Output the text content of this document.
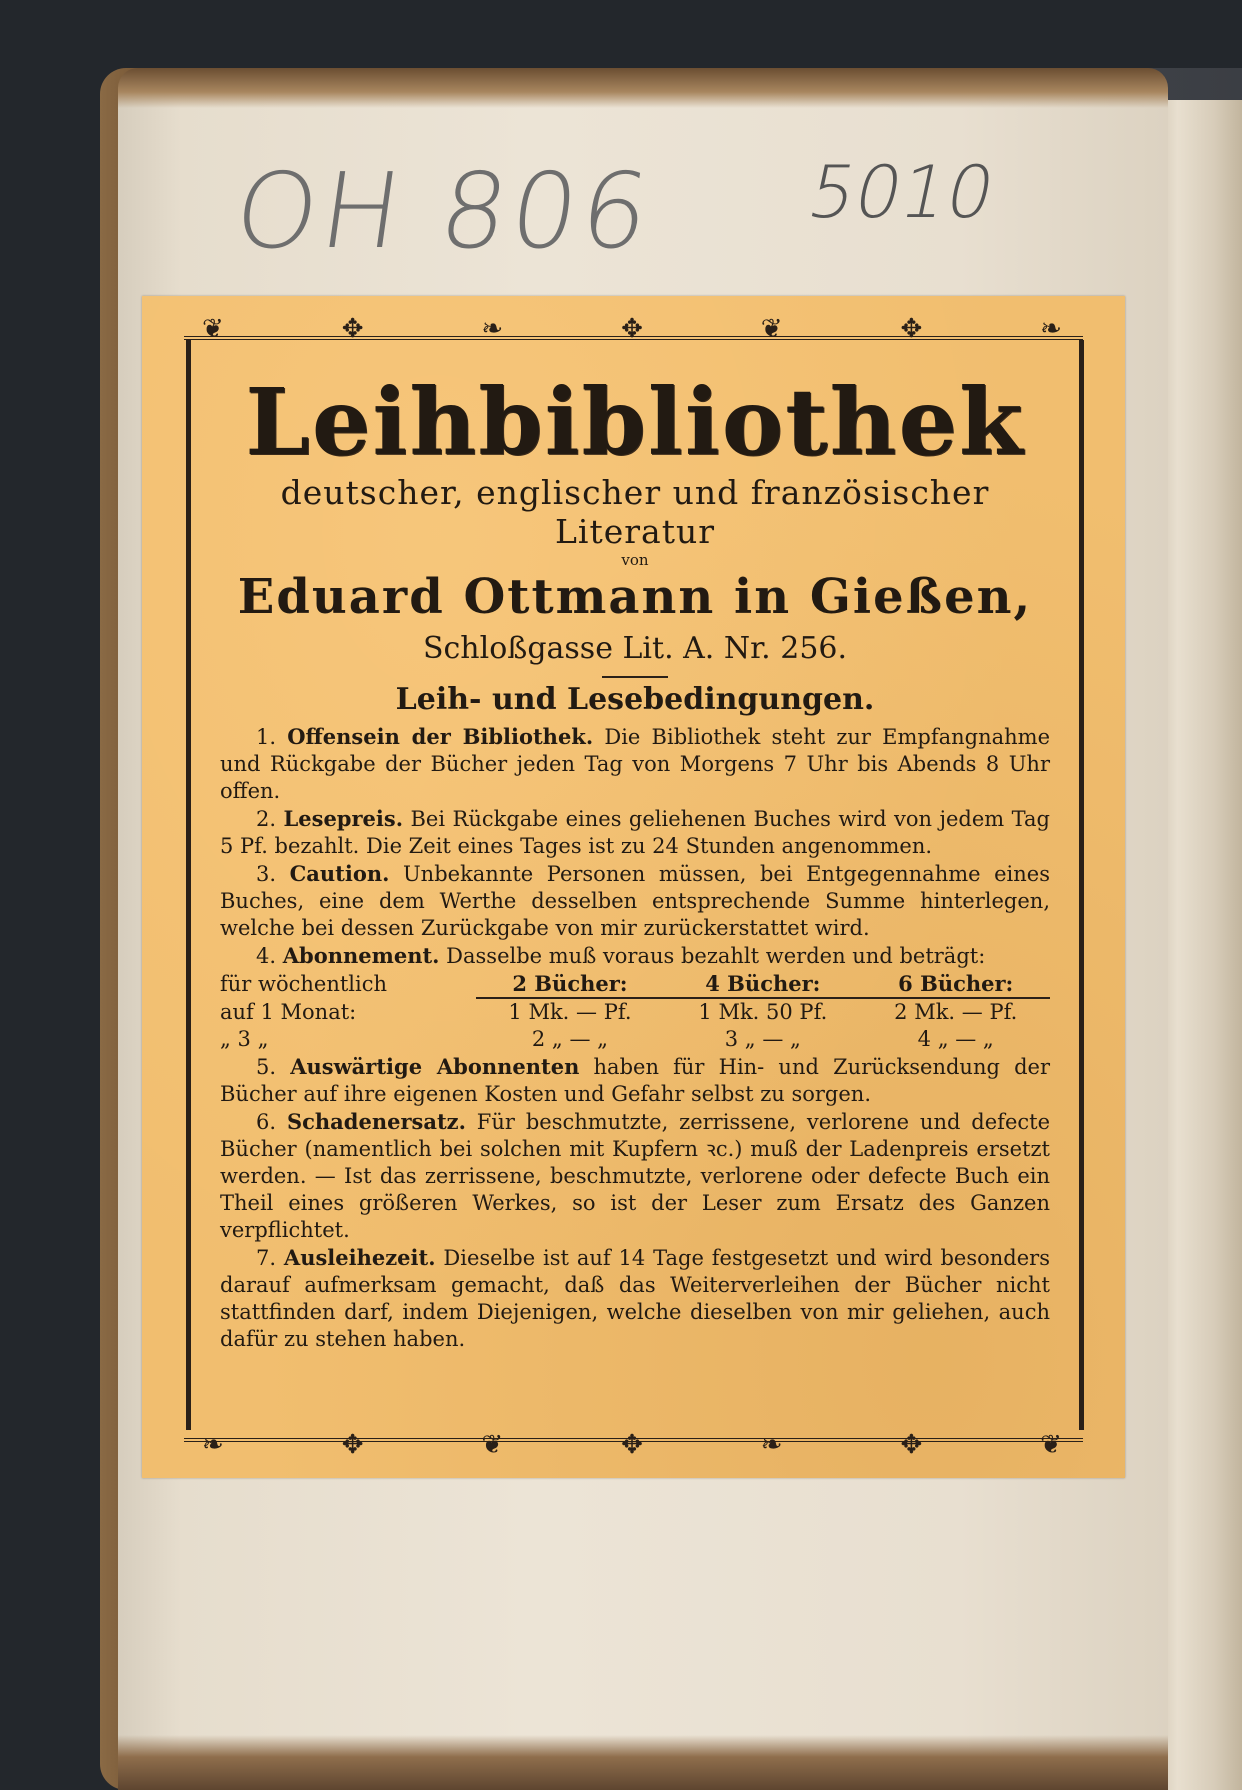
OH 806 5010
❦	✥	❧	✥	❦	✥	❧
❧	✥	❦	✥	❧	✥	❦
Leihbibliothek
deutscher, englischer und französischer Literatur
von
Eduard Ottmann in Gießen,
Schloßgasse Lit. A. Nr. 256.
Leih- und Lesebedingungen.

1. Offensein der Bibliothek. Die Bibliothek steht zur Empfangnahme und Rückgabe der Bücher jeden Tag von Morgens 7 Uhr bis Abends 8 Uhr offen.

2. Lesepreis. Bei Rückgabe eines geliehenen Buches wird von jedem Tag 5 Pf. bezahlt. Die Zeit eines Tages ist zu 24 Stunden angenommen.

3. Caution. Unbekannte Personen müssen, bei Entgegennahme eines Buches, eine dem Werthe desselben entsprechende Summe hinterlegen, welche bei dessen Zurückgabe von mir zurückerstattet wird.

4. Abonnement. Dasselbe muß voraus bezahlt werden und beträgt:

für wöchentlich	2 Bücher:	4 Bücher:	6 Bücher:
auf 1 Monat:	1 Mk. — Pf.	1 Mk. 50 Pf.	2 Mk. — Pf.
„ 3 „	2 „ — „	3 „ — „	4 „ — „

5. Auswärtige Abonnenten haben für Hin- und Zurücksendung der Bücher auf ihre eigenen Kosten und Gefahr selbst zu sorgen.

6. Schadenersatz. Für beschmutzte, zerrissene, verlorene und defecte Bücher (namentlich bei solchen mit Kupfern ꝛc.) muß der Ladenpreis ersetzt werden. — Ist das zerrissene, beschmutzte, verlorene oder defecte Buch ein Theil eines größeren Werkes, so ist der Leser zum Ersatz des Ganzen verpflichtet.

7. Ausleihezeit. Dieselbe ist auf 14 Tage festgesetzt und wird besonders darauf aufmerksam gemacht, daß das Weiterverleihen der Bücher nicht stattfinden darf, indem Diejenigen, welche dieselben von mir geliehen, auch dafür zu stehen haben.
